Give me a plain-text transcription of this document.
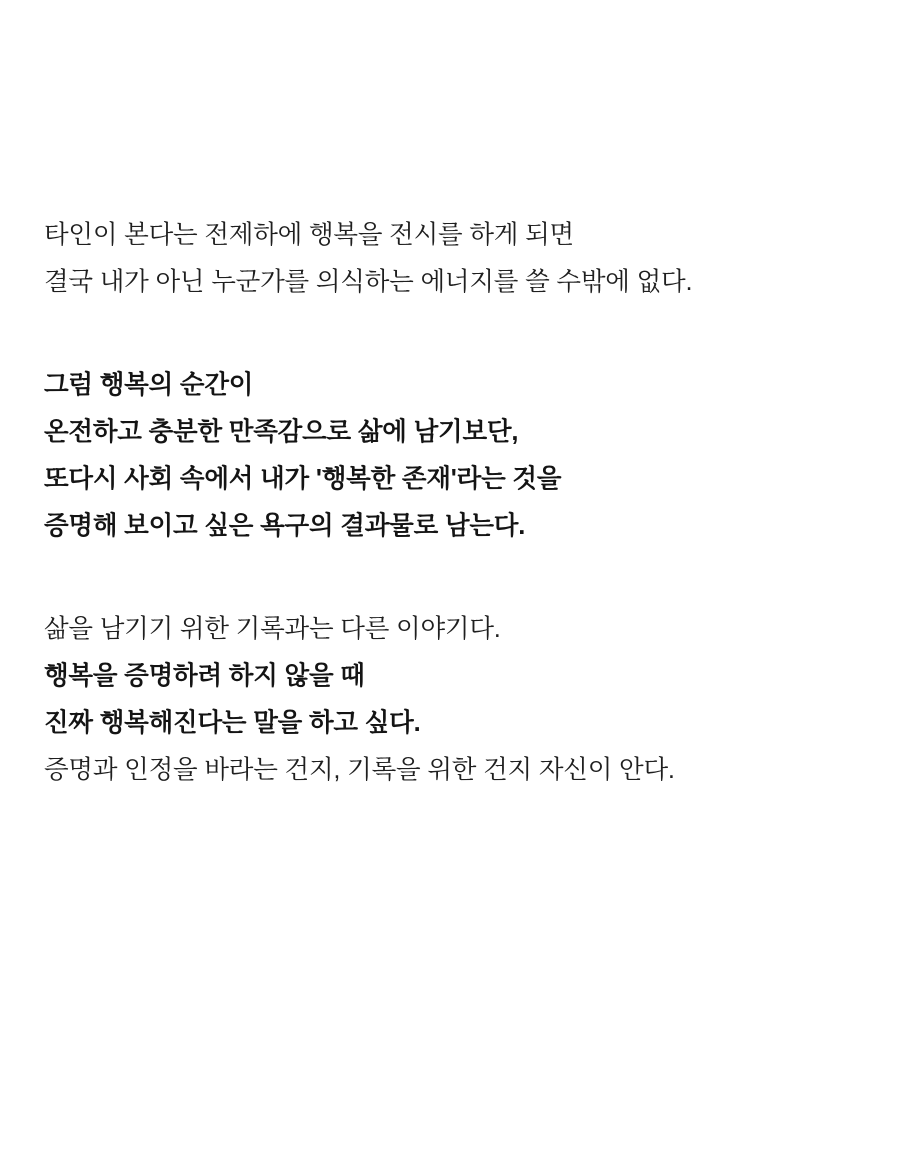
타인이 본다는 전제하에 행복을 전시를 하게 되면
결국 내가 아닌 누군가를 의식하는 에너지를 쓸 수밖에 없다.
그럼 행복의 순간이
온전하고 충분한 만족감으로 삶에 남기보단,
또다시 사회 속에서 내가 '행복한 존재'라는 것을
증명해 보이고 싶은 욕구의 결과물로 남는다.
삶을 남기기 위한 기록과는 다른 이야기다.
행복을 증명하려 하지 않을 때
진짜 행복해진다는 말을 하고 싶다.
증명과 인정을 바라는 건지, 기록을 위한 건지 자신이 안다.
